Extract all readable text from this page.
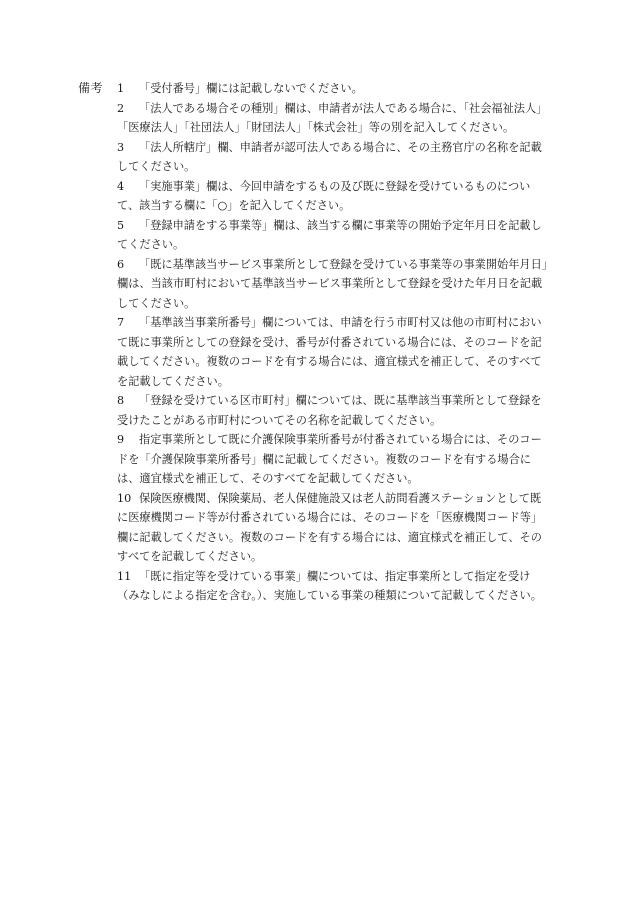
備考 1 「受付番号」欄には記載しないでください。
2 「法人である場合その種別」欄は、申請者が法人である場合に、「社会福祉法人」「医療法人」「社団法人」「財団法人」「株式会社」等の別を記入してください。
3 「法人所轄庁」欄、申請者が認可法人である場合に、その主務官庁の名称を記載してください。
4 「実施事業」欄は、今回申請をするもの及び既に登録を受けているものについて、該当する欄に「○」を記入してください。
5 「登録申請をする事業等」欄は、該当する欄に事業等の開始予定年月日を記載してください。
6 「既に基準該当サービス事業所として登録を受けている事業等の事業開始年月日」欄は、当該市町村において基準該当サービス事業所として登録を受けた年月日を記載してください。
7 「基準該当事業所番号」欄については、申請を行う市町村又は他の市町村において既に事業所としての登録を受け、番号が付番されている場合には、そのコードを記載してください。複数のコードを有する場合には、適宜様式を補正して、そのすべてを記載してください。
8 「登録を受けている区市町村」欄については、既に基準該当事業所として登録を受けたことがある市町村についてその名称を記載してください。
9 指定事業所として既に介護保険事業所番号が付番されている場合には、そのコードを「介護保険事業所番号」欄に記載してください。複数のコードを有する場合には、適宜様式を補正して、そのすべてを記載してください。
10 保険医療機関、保険薬局、老人保健施設又は老人訪問看護ステーションとして既に医療機関コード等が付番されている場合には、そのコードを「医療機関コード等」欄に記載してください。複数のコードを有する場合には、適宜様式を補正して、そのすべてを記載してください。
11 「既に指定等を受けている事業」欄については、指定事業所として指定を受け（みなしによる指定を含む。）、実施している事業の種類について記載してください。
